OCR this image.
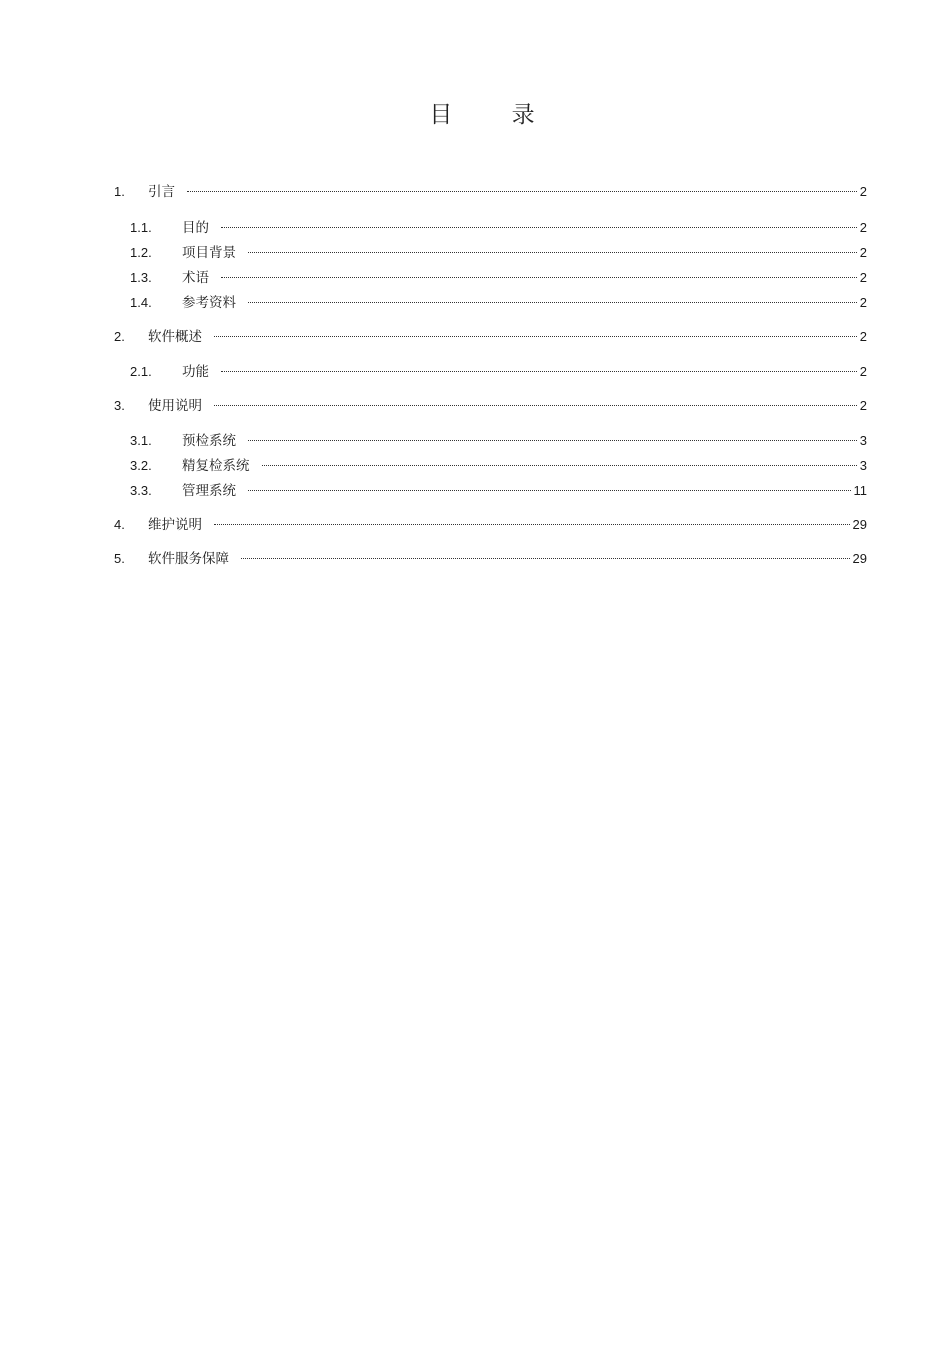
目 录
1.	引言	2
1.1.	目的	2
1.2.	项目背景	2
1.3.	术语	2
1.4.	参考资料	2
2.	软件概述	2
2.1.	功能	2
3.	使用说明	2
3.1.	预检系统	3
3.2.	精复检系统	3
3.3.	管理系统	11
4.	维护说明	29
5.	软件服务保障	29
